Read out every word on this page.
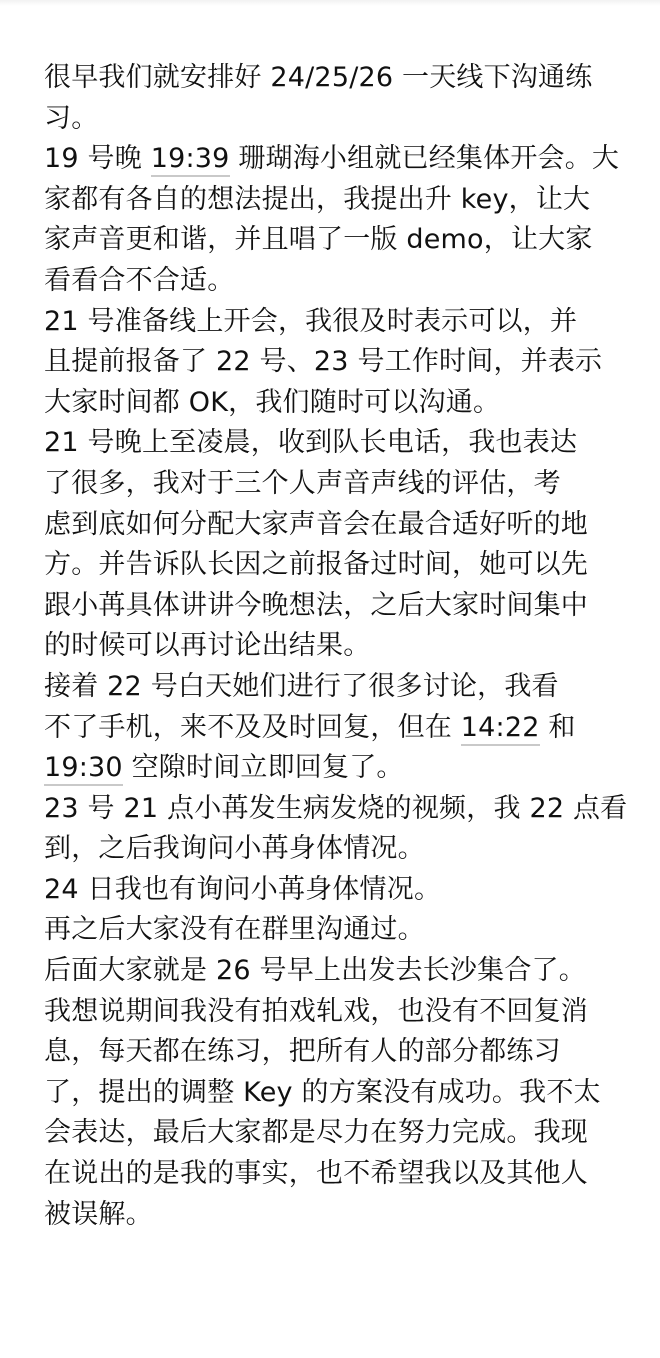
很早我们就安排好 24/25/26 一天线下沟通练
习。
19 号晚 19:39 珊瑚海小组就已经集体开会。大
家都有各自的想法提出，我提出升 key，让大
家声音更和谐，并且唱了一版 demo，让大家
看看合不合适。
21 号准备线上开会，我很及时表示可以，并
且提前报备了 22 号、23 号工作时间，并表示
大家时间都 OK，我们随时可以沟通。
21 号晚上至凌晨，收到队长电话，我也表达
了很多，我对于三个人声音声线的评估，考
虑到底如何分配大家声音会在最合适好听的地
方。并告诉队长因之前报备过时间，她可以先
跟小苒具体讲讲今晚想法，之后大家时间集中
的时候可以再讨论出结果。
接着 22 号白天她们进行了很多讨论，我看
不了手机，来不及及时回复，但在 14:22 和
19:30 空隙时间立即回复了。
23 号 21 点小苒发生病发烧的视频，我 22 点看
到，之后我询问小苒身体情况。
24 日我也有询问小苒身体情况。
再之后大家没有在群里沟通过。
后面大家就是 26 号早上出发去长沙集合了。
我想说期间我没有拍戏轧戏，也没有不回复消
息，每天都在练习，把所有人的部分都练习
了，提出的调整 Key 的方案没有成功。我不太
会表达，最后大家都是尽力在努力完成。我现
在说出的是我的事实，也不希望我以及其他人
被误解。
